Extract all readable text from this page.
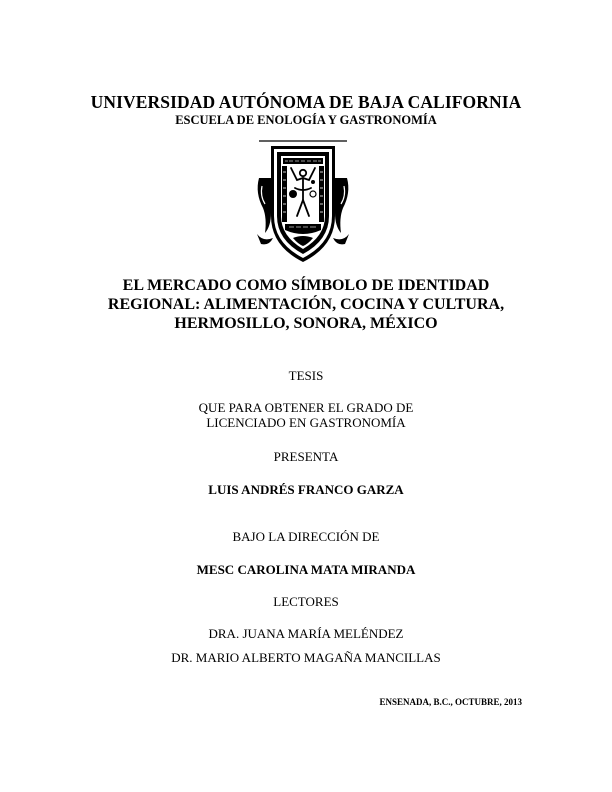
UNIVERSIDAD AUTÓNOMA DE BAJA CALIFORNIA
ESCUELA DE ENOLOGÍA Y GASTRONOMÍA
EL MERCADO COMO SÍMBOLO DE IDENTIDAD
REGIONAL: ALIMENTACIÓN, COCINA Y CULTURA,
HERMOSILLO, SONORA, MÉXICO
TESIS
QUE PARA OBTENER EL GRADO DE
LICENCIADO EN GASTRONOMÍA
PRESENTA
LUIS ANDRÉS FRANCO GARZA
BAJO LA DIRECCIÓN DE
MESC CAROLINA MATA MIRANDA
LECTORES
DRA. JUANA MARÍA MELÉNDEZ
DR. MARIO ALBERTO MAGAÑA MANCILLAS
ENSENADA, B.C., OCTUBRE, 2013
